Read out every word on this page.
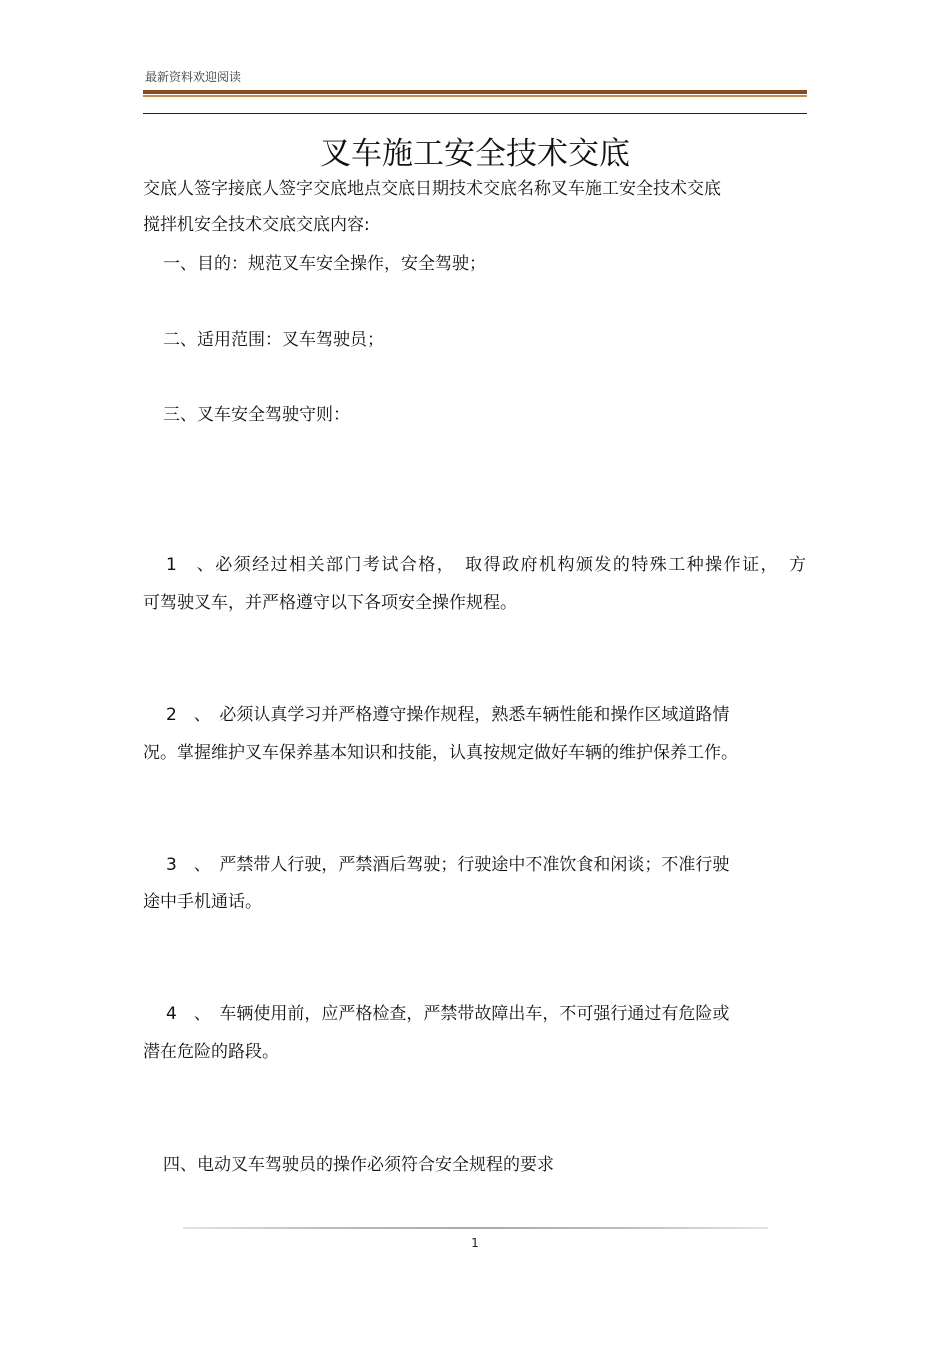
最新资料欢迎阅读
叉车施工安全技术交底
交底人签字接底人签字交底地点交底日期技术交底名称叉车施工安全技术交底
搅拌机安全技术交底交底内容:
一、目的：规范叉车安全操作，安全驾驶；
二、适用范围：叉车驾驶员；
三、叉车安全驾驶守则：
1　、必须经过相关部门考试合格，　取得政府机构颁发的特殊工种操作证，　方
可驾驶叉车，并严格遵守以下各项安全操作规程。
2　、　必须认真学习并严格遵守操作规程，熟悉车辆性能和操作区域道路情
况。掌握维护叉车保养基本知识和技能，认真按规定做好车辆的维护保养工作。
3　、　严禁带人行驶，严禁酒后驾驶；行驶途中不准饮食和闲谈；不准行驶
途中手机通话。
4　、　车辆使用前，应严格检查，严禁带故障出车，不可强行通过有危险或
潜在危险的路段。
四、电动叉车驾驶员的操作必须符合安全规程的要求
1
